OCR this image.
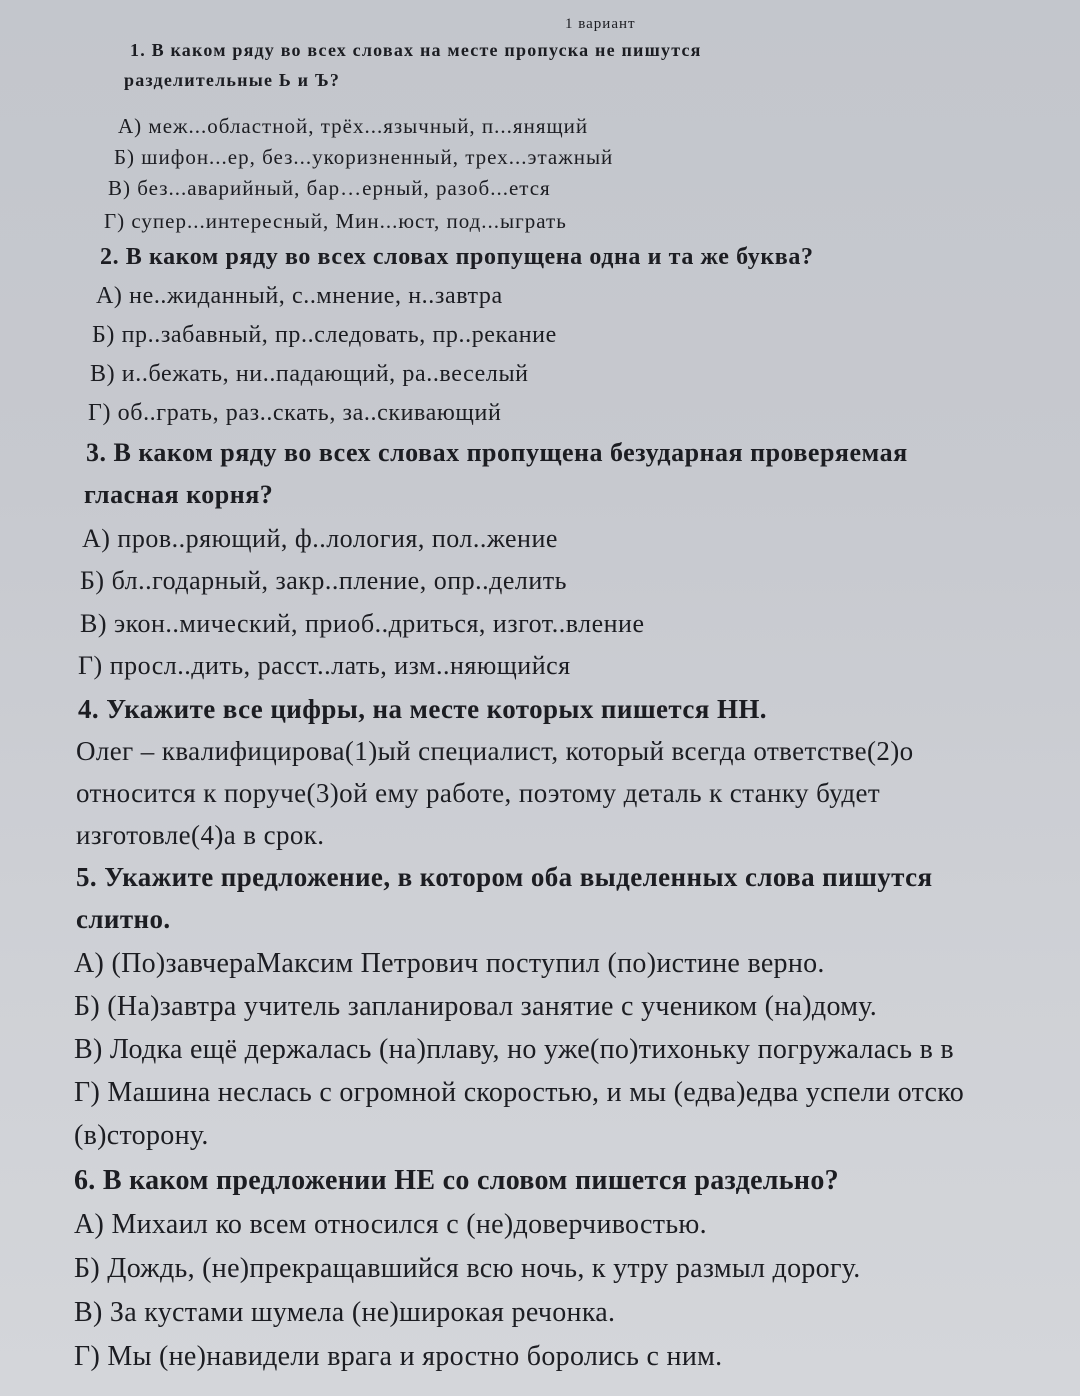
1 вариант
1. В каком ряду во всех словах на месте пропуска не пишутся
разделительные Ь и Ъ?
А) меж...областной, трёх...язычный, п...янящий
Б) шифон...ер, без...укоризненный, трех...этажный
В) без...аварийный, бар…ерный, разоб...ется
Г) супер...интересный, Мин...юст, под...ыграть
2. В каком ряду во всех словах пропущена одна и та же буква?
А) не..жиданный, с..мнение, н..завтра
Б) пр..забавный, пр..следовать, пр..рекание
В) и..бежать, ни..падающий, ра..веселый
Г) об..грать, раз..скать, за..скивающий
3. В каком ряду во всех словах пропущена безударная проверяемая
гласная корня?
А) пров..ряющий, ф..лология, пол..жение
Б) бл..годарный, закр..пление, опр..делить
В) экон..мический, приоб..дриться, изгот..вление
Г) просл..дить, расст..лать, изм..няющийся
4. Укажите все цифры, на месте которых пишется НН.
Олег – квалифицирова(1)ый специалист, который всегда ответстве(2)о
относится к поруче(3)ой ему работе, поэтому деталь к станку будет
изготовле(4)а в срок.
5. Укажите предложение, в котором оба выделенных слова пишутся
слитно.
А) (По)завчераМаксим Петрович поступил (по)истине верно.
Б) (На)завтра учитель запланировал занятие с учеником (на)дому.
В) Лодка ещё держалась (на)плаву, но уже(по)тихоньку погружалась в в
Г) Машина неслась с огромной скоростью, и мы (едва)едва успели отско
(в)сторону.
6. В каком предложении НЕ со словом пишется раздельно?
А) Михаил ко всем относился с (не)доверчивостью.
Б) Дождь, (не)прекращавшийся всю ночь, к утру размыл дорогу.
В) За кустами шумела (не)широкая речонка.
Г) Мы (не)навидели врага и яростно боролись с ним.
